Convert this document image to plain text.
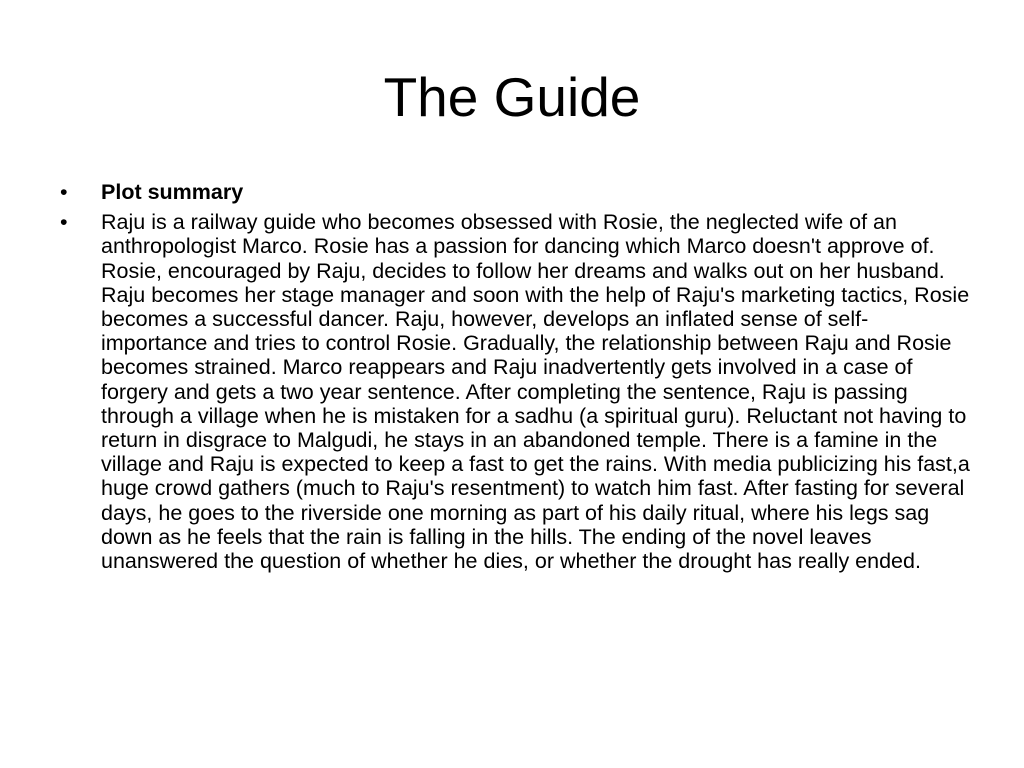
The Guide
•	Plot summary
•	Raju is a railway guide who becomes obsessed with Rosie, the neglected wife of an anthropologist Marco. Rosie has a passion for dancing which Marco doesn't approve of. Rosie, encouraged by Raju, decides to follow her dreams and walks out on her husband. Raju becomes her stage manager and soon with the help of Raju's marketing tactics, Rosie becomes a successful dancer. Raju, however, develops an inflated sense of self-importance and tries to control Rosie. Gradually, the relationship between Raju and Rosie becomes strained. Marco reappears and Raju inadvertently gets involved in a case of forgery and gets a two year sentence. After completing the sentence, Raju is passing through a village when he is mistaken for a sadhu (a spiritual guru). Reluctant not having to return in disgrace to Malgudi, he stays in an abandoned temple. There is a famine in the village and Raju is expected to keep a fast to get the rains. With media publicizing his fast,a huge crowd gathers (much to Raju's resentment) to watch him fast. After fasting for several days, he goes to the riverside one morning as part of his daily ritual, where his legs sag down as he feels that the rain is falling in the hills. The ending of the novel leaves unanswered the question of whether he dies, or whether the drought has really ended.
